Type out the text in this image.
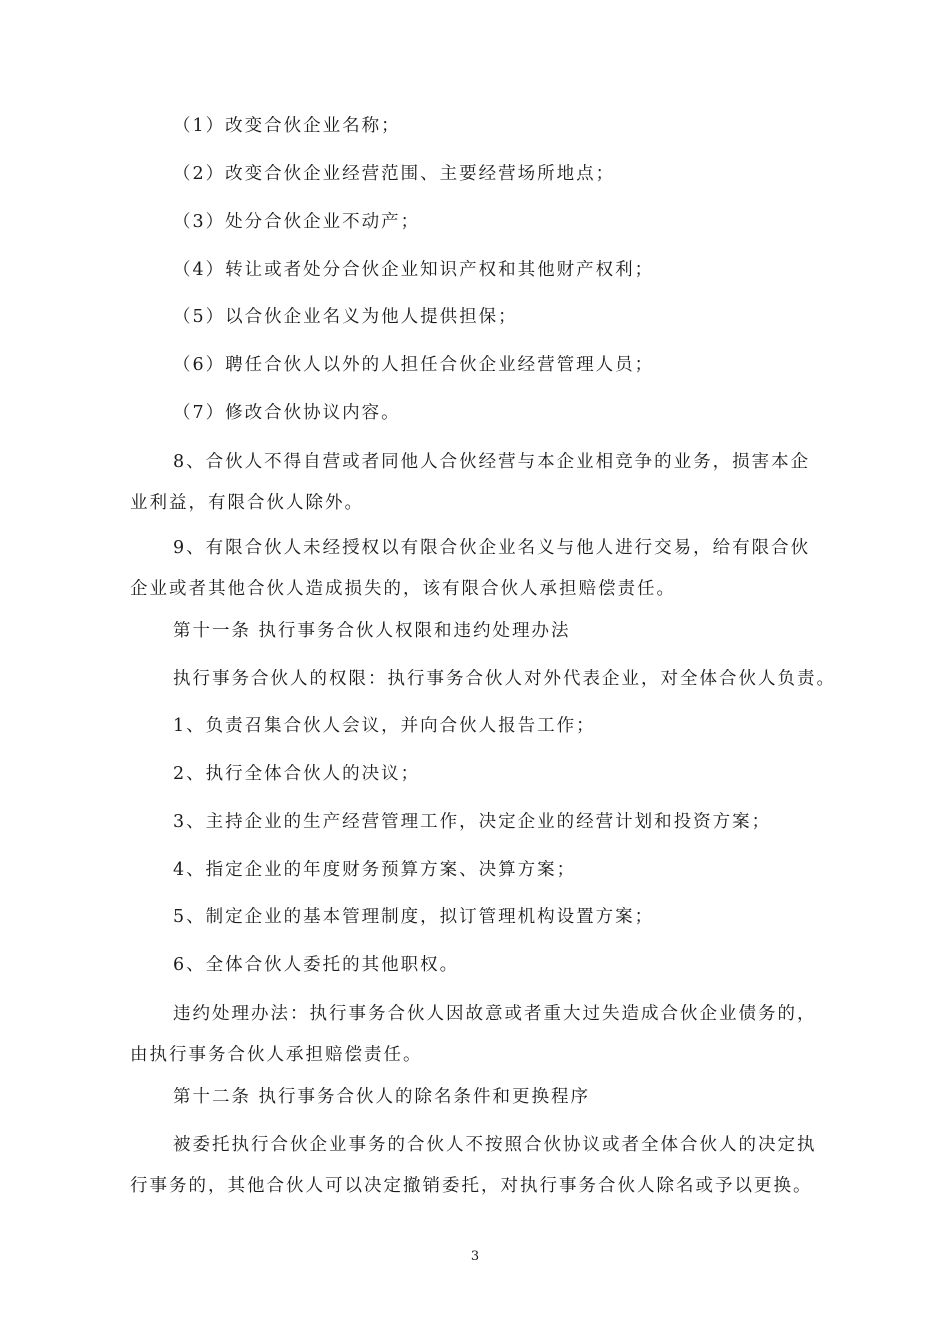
（1）改变合伙企业名称；

（2）改变合伙企业经营范围、主要经营场所地点；

（3）处分合伙企业不动产；

（4）转让或者处分合伙企业知识产权和其他财产权利；

（5）以合伙企业名义为他人提供担保；

（6）聘任合伙人以外的人担任合伙企业经营管理人员；

（7）修改合伙协议内容。

8、合伙人不得自营或者同他人合伙经营与本企业相竞争的业务，损害本企业利益，有限合伙人除外。

9、有限合伙人未经授权以有限合伙企业名义与他人进行交易，给有限合伙企业或者其他合伙人造成损失的，该有限合伙人承担赔偿责任。

第十一条 执行事务合伙人权限和违约处理办法

执行事务合伙人的权限：执行事务合伙人对外代表企业，对全体合伙人负责。

1、负责召集合伙人会议，并向合伙人报告工作；

2、执行全体合伙人的决议；

3、主持企业的生产经营管理工作，决定企业的经营计划和投资方案；

4、指定企业的年度财务预算方案、决算方案；

5、制定企业的基本管理制度，拟订管理机构设置方案；

6、全体合伙人委托的其他职权。

违约处理办法：执行事务合伙人因故意或者重大过失造成合伙企业债务的，由执行事务合伙人承担赔偿责任。

第十二条 执行事务合伙人的除名条件和更换程序

被委托执行合伙企业事务的合伙人不按照合伙协议或者全体合伙人的决定执行事务的，其他合伙人可以决定撤销委托，对执行事务合伙人除名或予以更换。

3
